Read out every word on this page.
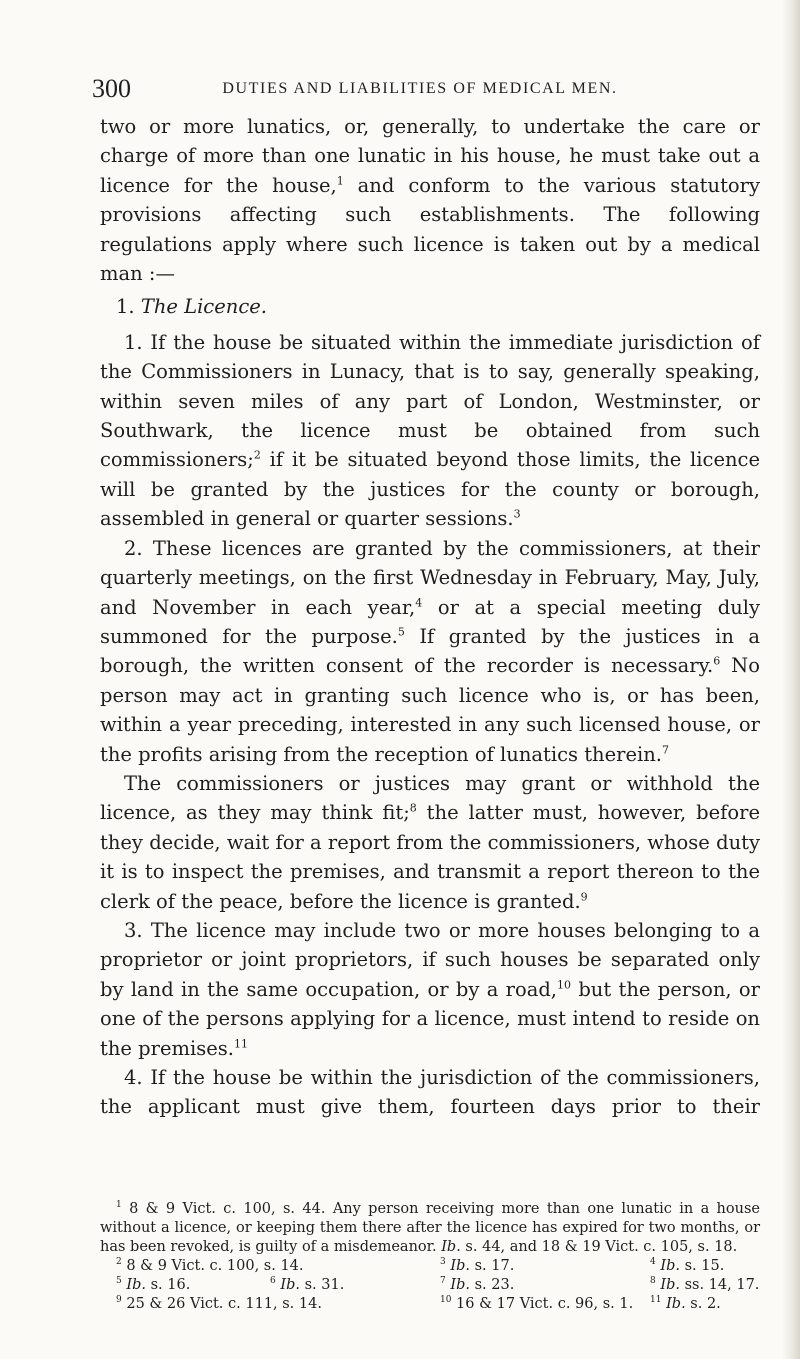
300	DUTIES AND LIABILITIES OF MEDICAL MEN.

two or more lunatics, or, generally, to undertake the care or charge of more than one lunatic in his house, he must take out a licence for the house,$^1$ and conform to the various statutory provisions affecting such establishments. The following regulations apply where such licence is taken out by a medical man :—

1. The Licence.

1. If the house be situated within the immediate jurisdiction of the Commissioners in Lunacy, that is to say, generally speaking, within seven miles of any part of London, Westminster, or Southwark, the licence must be obtained from such commissioners;$^2$ if it be situated beyond those limits, the licence will be granted by the justices for the county or borough, assembled in general or quarter sessions.$^3$

2. These licences are granted by the commissioners, at their quarterly meetings, on the first Wednesday in February, May, July, and November in each year,$^4$ or at a special meeting duly summoned for the purpose.$^5$ If granted by the justices in a borough, the written consent of the recorder is necessary.$^6$ No person may act in granting such licence who is, or has been, within a year preceding, interested in any such licensed house, or the profits arising from the reception of lunatics therein.$^7$

The commissioners or justices may grant or withhold the licence, as they may think fit;$^8$ the latter must, however, before they decide, wait for a report from the commissioners, whose duty it is to inspect the premises, and transmit a report thereon to the clerk of the peace, before the licence is granted.$^9$

3. The licence may include two or more houses belonging to a proprietor or joint proprietors, if such houses be separated only by land in the same occupation, or by a road,$^{10}$ but the person, or one of the persons applying for a licence, must intend to reside on the premises.$^{11}$

4. If the house be within the jurisdiction of the commissioners, the applicant must give them, fourteen days prior to their

$^1$ 8 & 9 Vict. c. 100, s. 44. Any person receiving more than one lunatic in a house without a licence, or keeping them there after the licence has expired for two months, or has been revoked, is guilty of a misdemeanor. Ib. s. 44, and 18 & 19 Vict. c. 105, s. 18.

$^2$ 8 & 9 Vict. c. 100, s. 14.	$^3$ Ib. s. 17.	$^4$ Ib. s. 15.
$^5$ Ib. s. 16.	$^6$ Ib. s. 31.	$^7$ Ib. s. 23.	$^8$ Ib. ss. 14, 17.
$^9$ 25 & 26 Vict. c. 111, s. 14.	$^{10}$ 16 & 17 Vict. c. 96, s. 1.	$^{11}$ Ib. s. 2.
